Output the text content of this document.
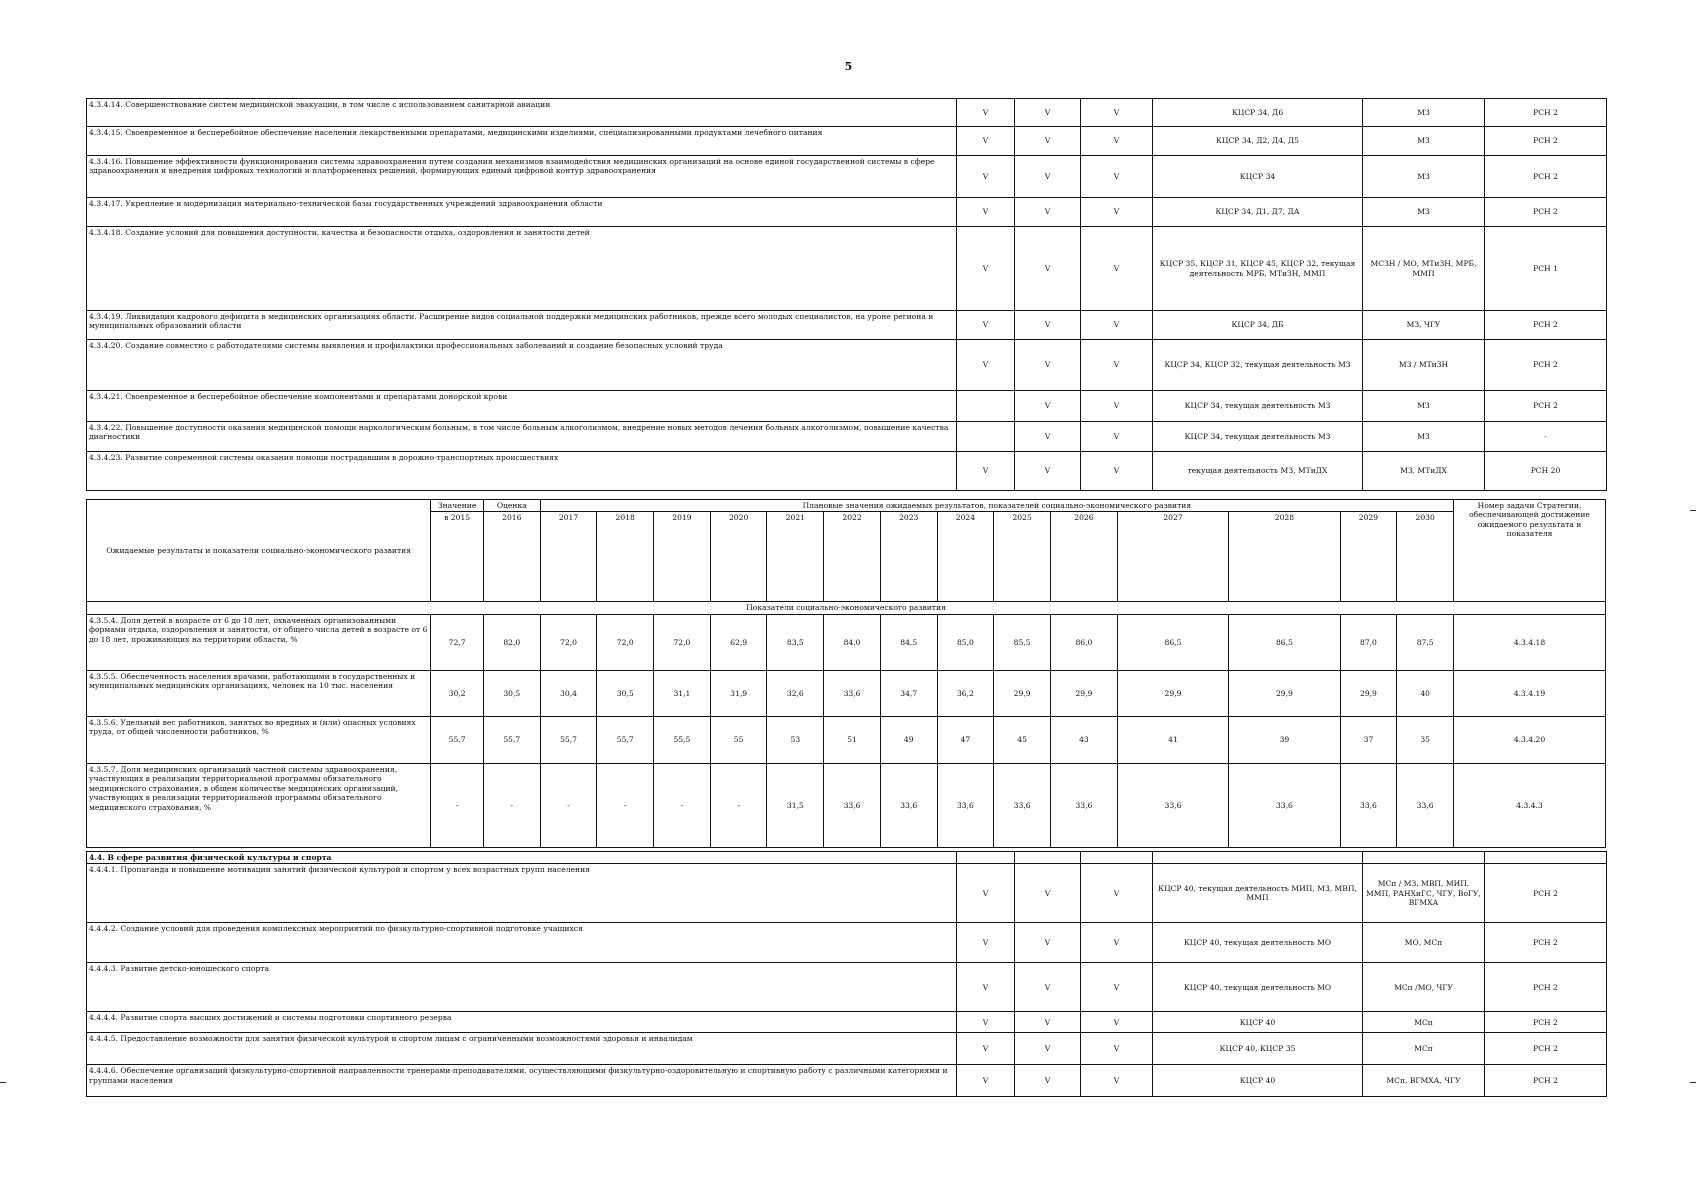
5
4.3.4.14. Совершенствование систем медицинской эвакуации, в том числе с использованием санитарной авиации	V	V	V	КЦСР 34, Д6	МЗ	РСН 2
4.3.4.15. Своевременное и бесперебойное обеспечение населения лекарственными препаратами, медицинскими изделиями, специализированными продуктами лечебного питания	V	V	V	КЦСР 34, Д2, Д4, Д5	МЗ	РСН 2
4.3.4.16. Повышение эффективности функционирования системы здравоохранения путем создания механизмов взаимодействия медицинских организаций на основе единой государственной системы в сфере здравоохранения и внедрения цифровых технологий и платформенных решений, формирующих единый цифровой контур здравоохранения	V	V	V	КЦСР 34	МЗ	РСН 2
4.3.4.17. Укрепление и модернизация материально-технической базы государственных учреждений здравоохранения области	V	V	V	КЦСР 34, Д1, Д7, ДА	МЗ	РСН 2
4.3.4.18. Создание условий для повышения доступности, качества и безопасности отдыха, оздоровления и занятости детей	V	V	V	КЦСР 35, КЦСР 31, КЦСР 45, КЦСР 32, текущая деятельность МРБ, МТиЗН, ММП	МСЗН / МО, МТиЗН, МРБ, ММП	РСН 1
4.3.4.19. Ликвидация кадрового дефицита в медицинских организациях области. Расширение видов социальной поддержки медицинских работников, прежде всего молодых специалистов, на уроне региона и муниципальных образований области	V	V	V	КЦСР 34, ДБ	МЗ, ЧГУ	РСН 2
4.3.4.20. Создание совместно с работодателями системы выявления и профилактики профессиональных заболеваний и создание безопасных условий труда	V	V	V	КЦСР 34, КЦСР 32, текущая деятельность МЗ	МЗ / МТиЗН	РСН 2
4.3.4.21. Своевременное и бесперебойное обеспечение компонентами и препаратами донорской крови		V	V	КЦСР 34, текущая деятельность МЗ	МЗ	РСН 2
4.3.4.22. Повышение доступности оказания медицинской помощи наркологическим больным, в том числе больным алкоголизмом, внедрение новых методов лечения больных алкоголизмом, повышение качества диагностики		V	V	КЦСР 34, текущая деятельность МЗ	МЗ	-
4.3.4.23. Развитие современной системы оказания помощи пострадавшим в дорожно-транспортных происшествиях	V	V	V	текущая деятельность МЗ, МТиДХ	МЗ, МТиДХ	РСН 20
Ожидаемые результаты и показатели социально-экономического развития	Значение	Оценка	Плановые значения ожидаемых результатов, показателей социально-экономического развития														Номер задачи Стратегии, обеспечивающей достижение ожидаемого результата и показателя
	в 2015	2016	2017	2018	2019	2020	2021	2022	2023	2024	2025	2026	2027	2028	2029	2030	
Показатели социально-экономического развития																	
4.3.5.4. Доля детей в возрасте от 6 до 18 лет, охваченных организованными формами отдыха, оздоровления и занятости, от общего числа детей в возрасте от 6 до 18 лет, проживающих на территории области, %	72,7	82,0	72,0	72,0	72,0	62,9	83,5	84,0	84,5	85,0	85,5	86,0	86,5	86,5	87,0	87,5	4.3.4.18
4.3.5.5. Обеспеченность населения врачами, работающими в государственных и муниципальных медицинских организациях, человек на 10 тыс. населения	30,2	30,5	30,4	30,5	31,1	31,9	32,6	33,6	34,7	36,2	29,9	29,9	29,9	29,9	29,9	40	4.3.4.19
4.3.5.6. Удельный вес работников, занятых во вредных и (или) опасных условиях труда, от общей численности работников, %	55,7	55,7	55,7	55,7	55,5	55	53	51	49	47	45	43	41	39	37	35	4.3.4.20
4.3.5.7. Доля медицинских организаций частной системы здравоохранения, участвующих в реализации территориальной программы обязательного медицинского страхования, в общем количестве медицинских организаций, участвующих в реализации территориальной программы обязательного медицинского страхования, %	-	-	-	-	-	-	31,5	33,6	33,6	33,6	33,6	33,6	33,6	33,6	33,6	33,6	4.3.4.3
4.4. В сфере развития физической культуры и спорта						
4.4.4.1. Пропаганда и повышение мотивации занятий физической культурой и спортом у всех возрастных групп населения	V	V	V	КЦСР 40, текущая деятельность МИП, МЗ, МВП, ММП	МСп / МЗ, МВП, МИП, ММП, РАНХиГС, ЧГУ, ВоГУ, ВГМХА	РСН 2
4.4.4.2. Создание условий для проведения комплексных мероприятий по физкультурно-спортивной подготовке учащихся	V	V	V	КЦСР 40, текущая деятельность МО	МО, МСп	РСН 2
4.4.4.3. Развитие детско-юношеского спорта	V	V	V	КЦСР 40, текущая деятельность МО	МСп /МО, ЧГУ	РСН 2
4.4.4.4. Развитие спорта высших достижений и системы подготовки спортивного резерва	V	V	V	КЦСР 40	МСп	РСН 2
4.4.4.5. Предоставление возможности для занятия физической культурой и спортом лицам с ограниченными возможностями здоровья и инвалидам	V	V	V	КЦСР 40, КЦСР 35	МСп	РСН 2
4.4.4.6. Обеспечение организаций физкультурно-спортивной направленности тренерами-преподавателями, осуществляющими физкультурно-оздоровительную и спортивную работу с различными категориями и группами населения	V	V	V	КЦСР 40	МСп, ВГМХА, ЧГУ	РСН 2
